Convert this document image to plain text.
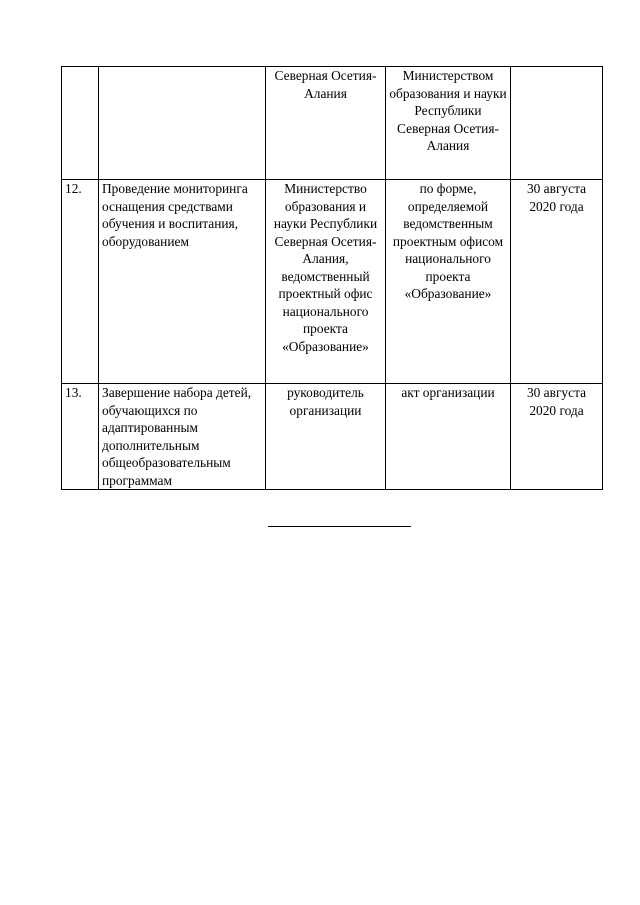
		Северная Осетия-Алания	Министерством образования и науки Республики Северная Осетия-Алания	
12.	Проведение мониторинга оснащения средствами обучения и воспитания, оборудованием	Министерство образования и науки Республики Северная Осетия-Алания, ведомственный проектный офис национального проекта «Образование»	по форме, определяемой ведомственным проектным офисом национального проекта «Образование»	30 августа 2020 года
13.	Завершение набора детей, обучающихся по адаптированным дополнительным общеобразовательным программам	руководитель организации	акт организации	30 августа 2020 года
